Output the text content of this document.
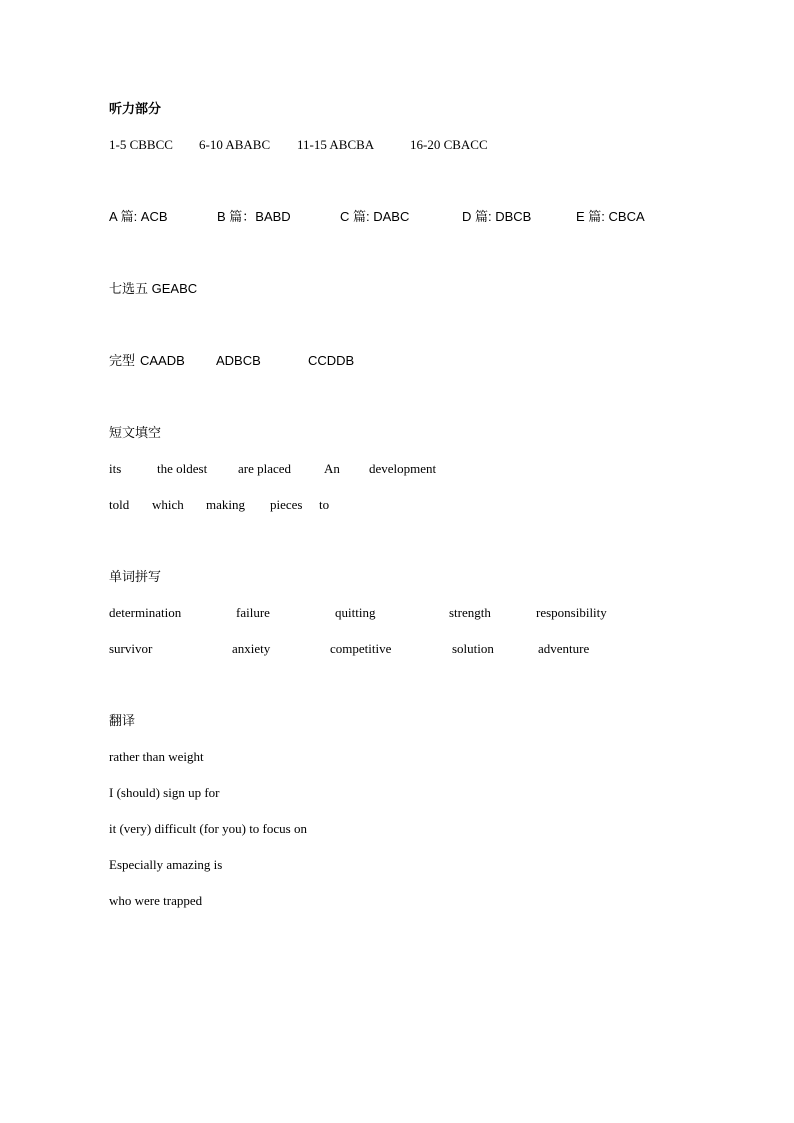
听力部分
1-5 CBBCC 6-10 ABABC 11-15 ABCBA	16-20 CBACC
A 篇: ACB	B 篇：BABD	C 篇: DABC	D 篇: DBCB	E 篇: CBCA
七选五 GEABC
完型 CAADB ADBCB	CCDDB
短文填空
its	the oldest are placed	An development
told which making pieces to
单词拼写
determination	failure	quitting	strength	responsibility
survivor	anxiety	competitive	solution	adventure
翻译
rather than weight
I (should) sign up for
it (very) difficult (for you) to focus on
Especially amazing is
who were trapped
